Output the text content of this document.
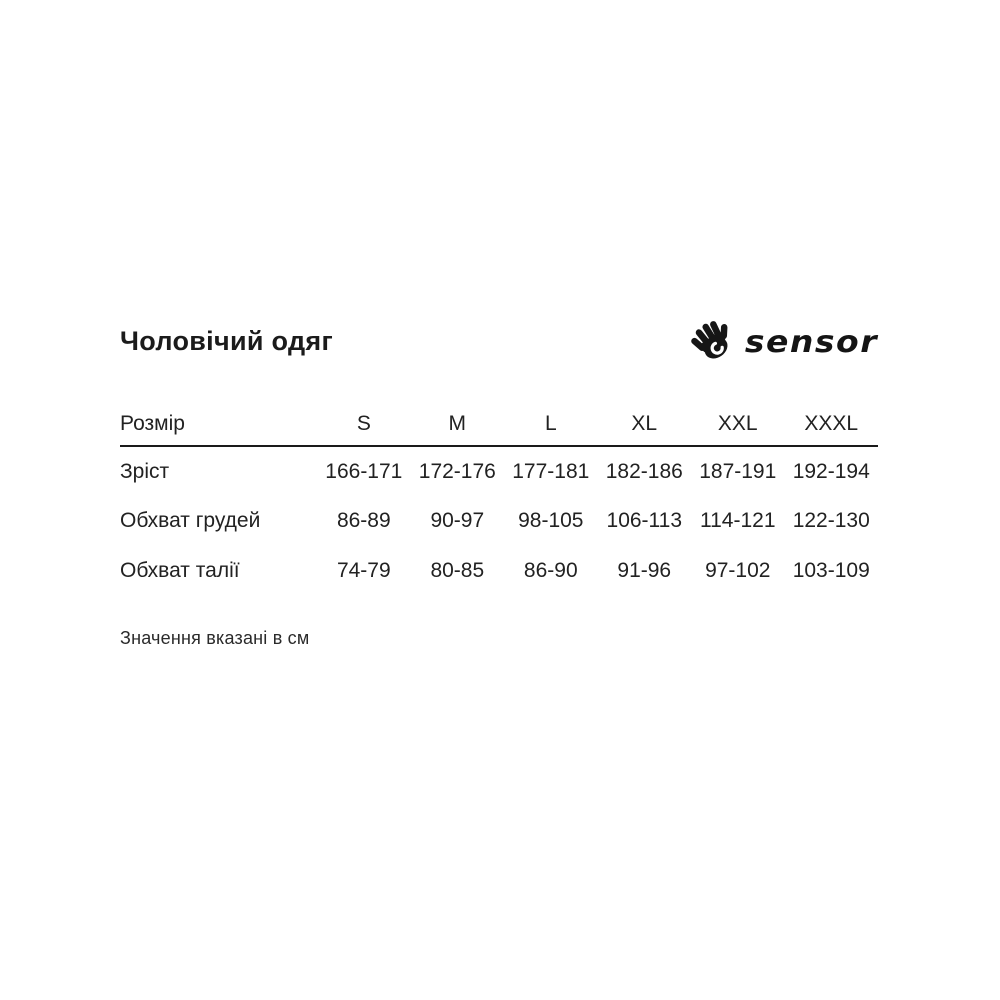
Чоловічий одяг	sensor
Розмір	S	M	L	XL	XXL	XXXL
Зріст	166-171	172-176	177-181	182-186	187-191	192-194
Обхват грудей	86-89	90-97	98-105	106-113	114-121	122-130
Обхват талії	74-79	80-85	86-90	91-96	97-102	103-109

Значення вказані в см
